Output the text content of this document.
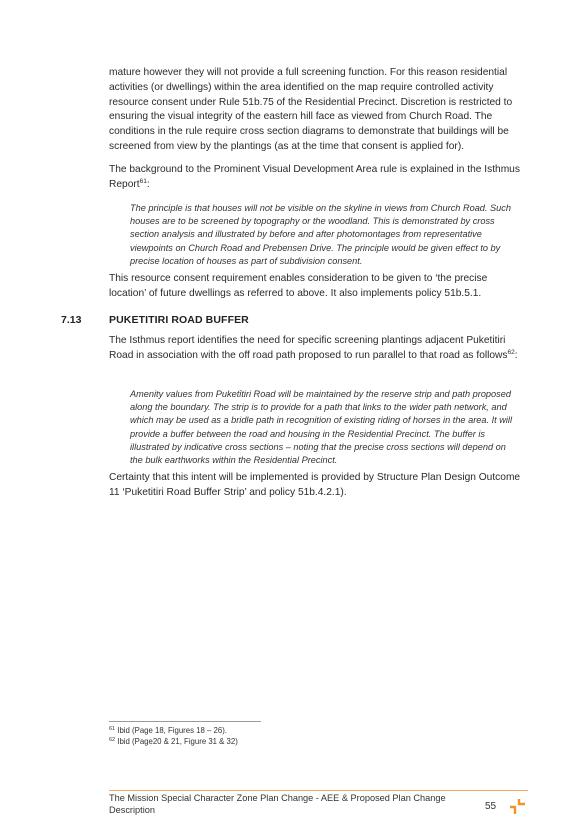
mature however they will not provide a full screening function. For this reason residential activities (or dwellings) within the area identified on the map require controlled activity resource consent under Rule 51b.75 of the Residential Precinct. Discretion is restricted to ensuring the visual integrity of the eastern hill face as viewed from Church Road. The conditions in the rule require cross section diagrams to demonstrate that buildings will be screened from view by the plantings (as at the time that consent is applied for).

The background to the Prominent Visual Development Area rule is explained in the Isthmus Report$^{61}$:

The principle is that houses will not be visible on the skyline in views from Church Road. Such houses are to be screened by topography or the woodland. This is demonstrated by cross section analysis and illustrated by before and after photomontages from representative viewpoints on Church Road and Prebensen Drive. The principle would be given effect to by precise location of houses as part of subdivision consent.

This resource consent requirement enables consideration to be given to ‘the precise location’ of future dwellings as referred to above. It also implements policy 51b.5.1.

7.13	PUKETITIRI ROAD BUFFER

The Isthmus report identifies the need for specific screening plantings adjacent Puketitiri Road in association with the off road path proposed to run parallel to that road as follows$^{62}$:

Amenity values from Puketītiri Road will be maintained by the reserve strip and path proposed along the boundary. The strip is to provide for a path that links to the wider path network, and which may be used as a bridle path in recognition of existing riding of horses in the area. It will provide a buffer between the road and housing in the Residential Precinct. The buffer is illustrated by indicative cross sections – noting that the precise cross sections will depend on the bulk earthworks within the Residential Precinct.

Certainty that this intent will be implemented is provided by Structure Plan Design Outcome 11 ‘Puketitiri Road Buffer Strip’ and policy 51b.4.2.1).

$^{61}$ Ibid (Page 18, Figures 18 – 26).

$^{62}$ Ibid (Page20 & 21, Figure 31 & 32)

The Mission Special Character Zone Plan Change - AEE & Proposed Plan Change Description	55
